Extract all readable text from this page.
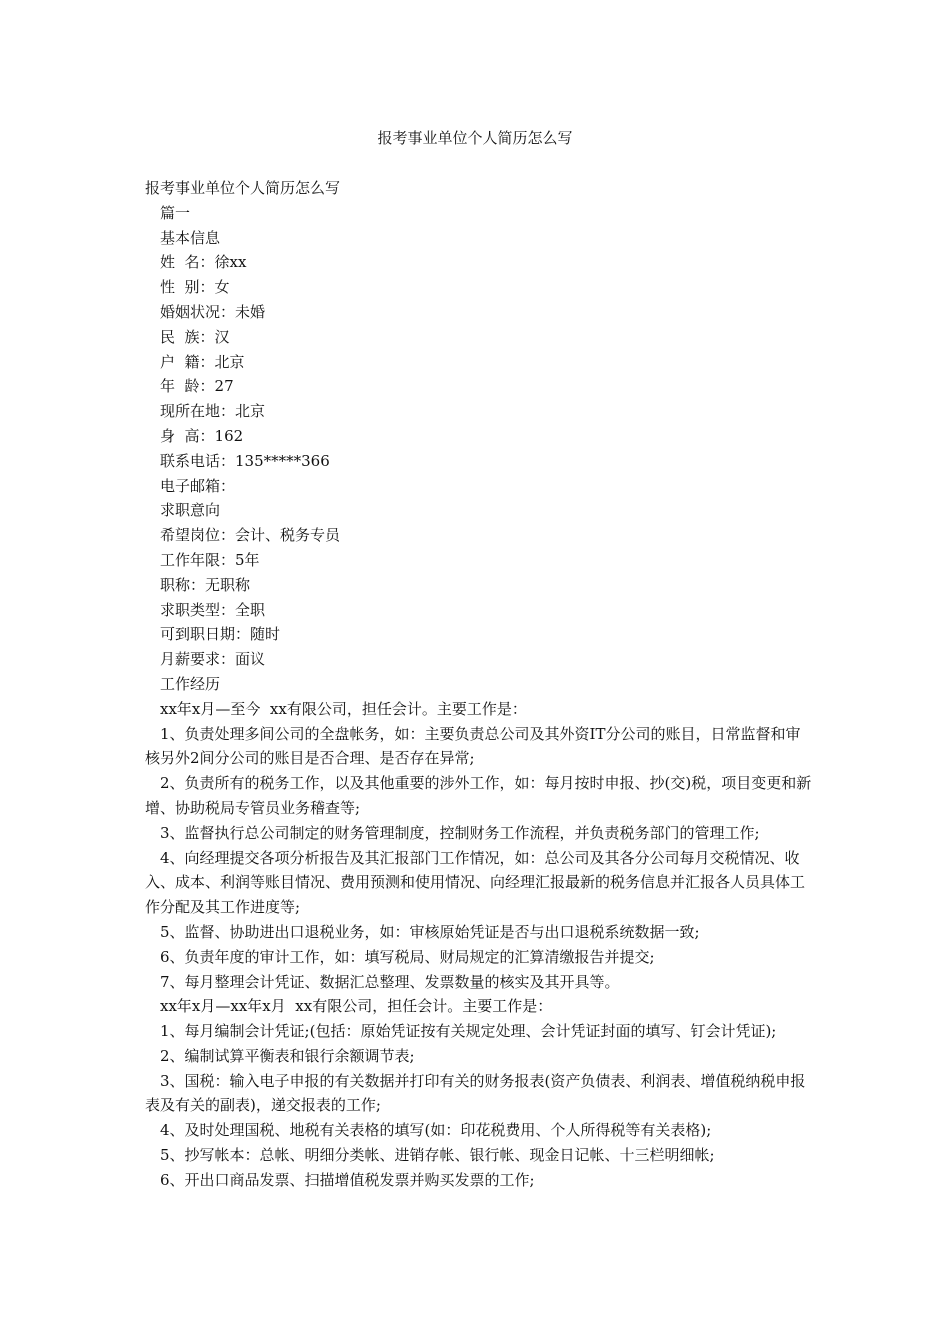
报考事业单位个人简历怎么写
报考事业单位个人简历怎么写
篇一
基本信息
姓  名：徐xx
性  别：女
婚姻状况：未婚
民  族：汉
户  籍：北京
年  龄：27
现所在地：北京
身  高：162
联系电话：135*****366
电子邮箱：
求职意向
希望岗位：会计、税务专员
工作年限：5年
职称：无职称
求职类型：全职
可到职日期：随时
月薪要求：面议
工作经历
xx年x月—至今  xx有限公司，担任会计。主要工作是：
1、负责处理多间公司的全盘帐务，如：主要负责总公司及其外资IT分公司的账目，日常监督和审核另外2间分公司的账目是否合理、是否存在异常;
2、负责所有的税务工作，以及其他重要的涉外工作，如：每月按时申报、抄(交)税，项目变更和新增、协助税局专管员业务稽查等;
3、监督执行总公司制定的财务管理制度，控制财务工作流程，并负责税务部门的管理工作;
4、向经理提交各项分析报告及其汇报部门工作情况，如：总公司及其各分公司每月交税情况、收入、成本、利润等账目情况、费用预测和使用情况、向经理汇报最新的税务信息并汇报各人员具体工作分配及其工作进度等;
5、监督、协助进出口退税业务，如：审核原始凭证是否与出口退税系统数据一致;
6、负责年度的审计工作，如：填写税局、财局规定的汇算清缴报告并提交;
7、每月整理会计凭证、数据汇总整理、发票数量的核实及其开具等。
xx年x月—xx年x月  xx有限公司，担任会计。主要工作是：
1、每月编制会计凭证;(包括：原始凭证按有关规定处理、会计凭证封面的填写、钉会计凭证);
2、编制试算平衡表和银行余额调节表;
3、国税：输入电子申报的有关数据并打印有关的财务报表(资产负债表、利润表、增值税纳税申报表及有关的副表)，递交报表的工作;
4、及时处理国税、地税有关表格的填写(如：印花税费用、个人所得税等有关表格);
5、抄写帐本：总帐、明细分类帐、进销存帐、银行帐、现金日记帐、十三栏明细帐;
6、开出口商品发票、扫描增值税发票并购买发票的工作;
